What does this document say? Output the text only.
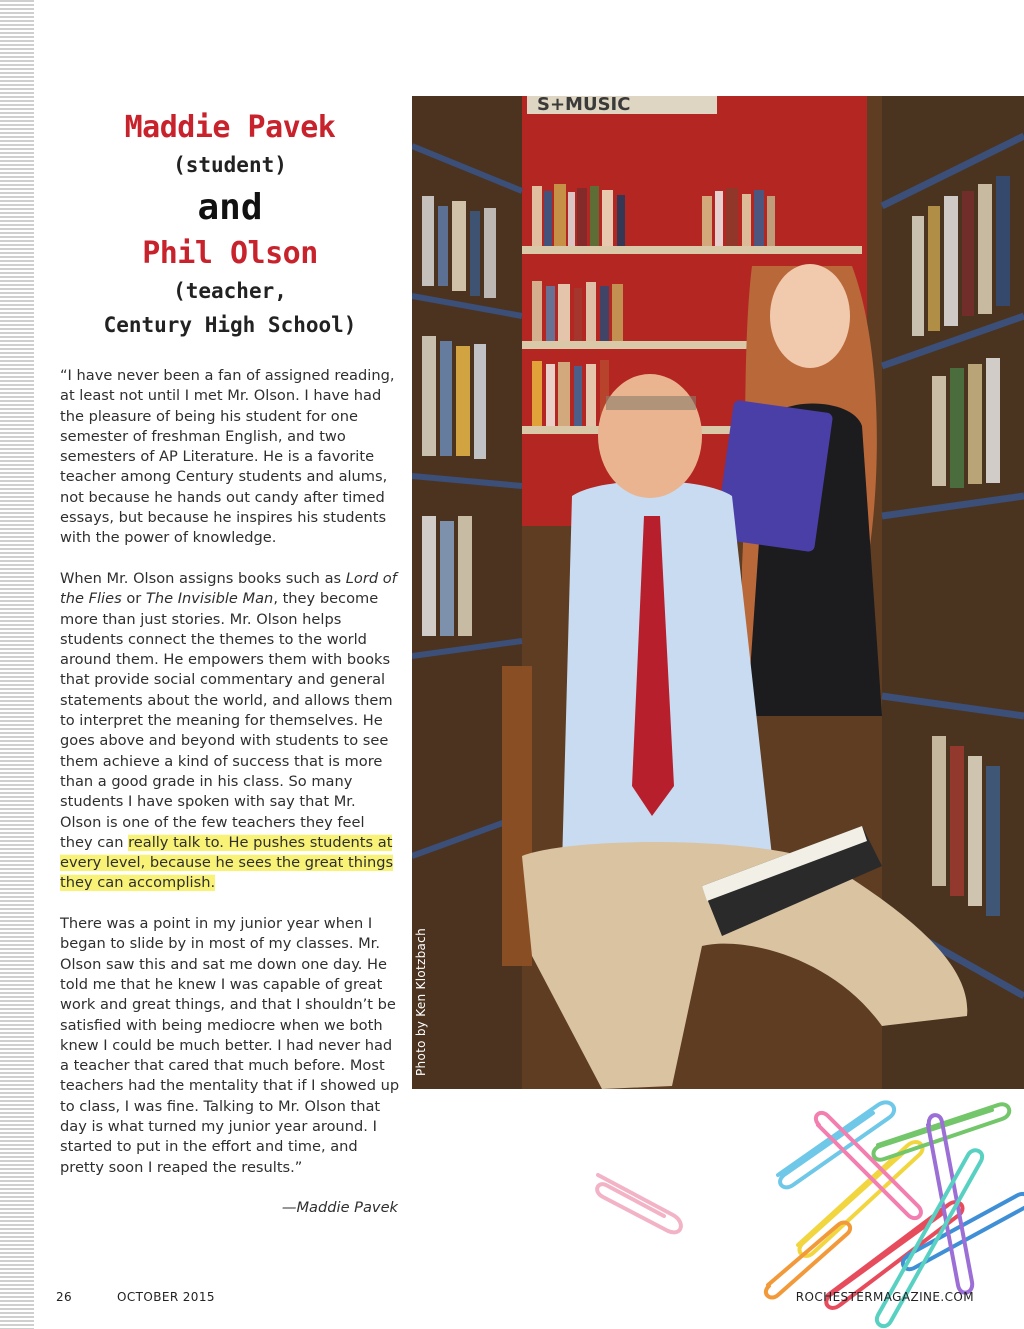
Maddie Pavek
(student)
and
Phil Olson
(teacher,
Century High School)

“I have never been a fan of assigned reading, at least not until I met Mr. Olson. I have had the pleasure of being his student for one semester of freshman English, and two semesters of AP Literature. He is a favorite teacher among Century students and alums, not because he hands out candy after timed essays, but because he inspires his students with the power of knowledge.

When Mr. Olson assigns books such as Lord of the Flies or The Invisible Man, they become more than just stories. Mr. Olson helps students connect the themes to the world around them. He empowers them with books that provide social commentary and general statements about the world, and allows them to interpret the meaning for themselves. He goes above and beyond with students to see them achieve a kind of success that is more than a good grade in his class. So many students I have spoken with say that Mr. Olson is one of the few teachers they feel they can really talk to. He pushes students at every level, because he sees the great things they can accomplish.

There was a point in my junior year when I began to slide by in most of my classes. Mr. Olson saw this and sat me down one day. He told me that he knew I was capable of great work and great things, and that I shouldn’t be satisfied with being mediocre when we both knew I could be much better. I had never had a teacher that cared that much before. Most teachers had the mentality that if I showed up to class, I was fine. Talking to Mr. Olson that day is what turned my junior year around. I started to put in the effort and time, and pretty soon I reaped the results.”

—Maddie Pavek
S+MUSIC
Photo by Ken Klotzbach
26	OCTOBER 2015	ROCHESTERMAGAZINE.COM
